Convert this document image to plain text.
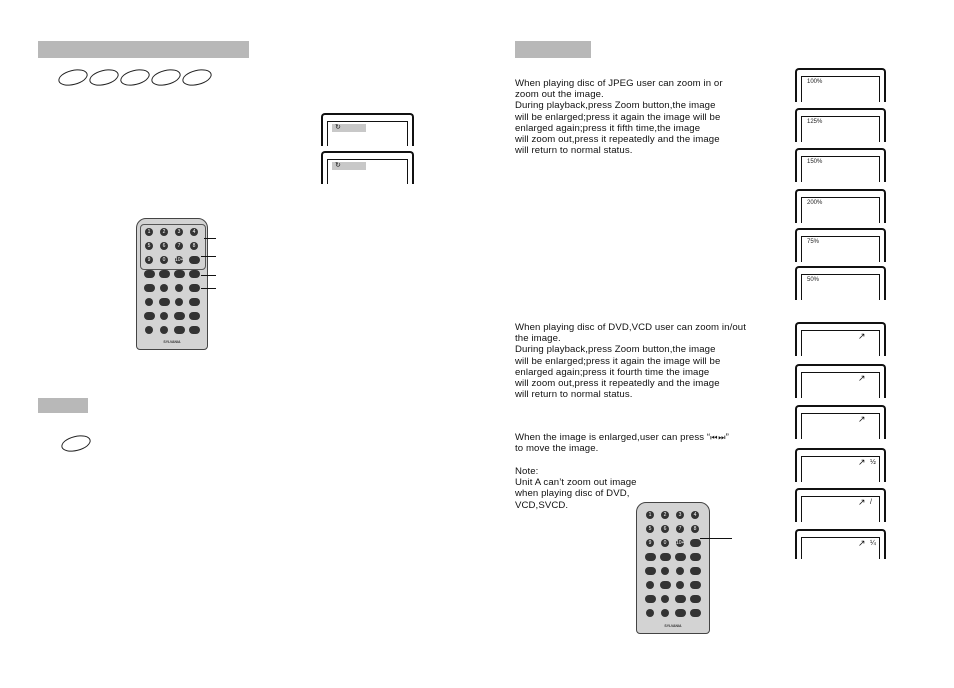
↻
↻
1	2	3	4
5	6	7	8
9	0	10+
SYLVANIA
When playing disc of JPEG user can zoom in or
zoom out the image.
During playback,press Zoom button,the image
will be enlarged;press it again the image will be
enlarged again;press it fifth time,the image
will zoom out,press it repeatedly and the image
will return to normal status.
100%
125%
150%
200%
75%
50%
When playing disc of DVD,VCD user can zoom in/out
the image.
During playback,press Zoom button,the image
will be enlarged;press it again the image will be
enlarged again;press it fourth time the image
will zoom out,press it repeatedly and the image
will return to normal status.
↗
↗
↗
↗ ½
↗ /
↗ ¼
When the image is enlarged,user can press “⏮ ⏭”
to move the image.
Note:
Unit A can’t zoom out image
when playing disc of DVD,
VCD,SVCD.
1	2	3	4
5	6	7	8
9	0	10+
SYLVANIA
